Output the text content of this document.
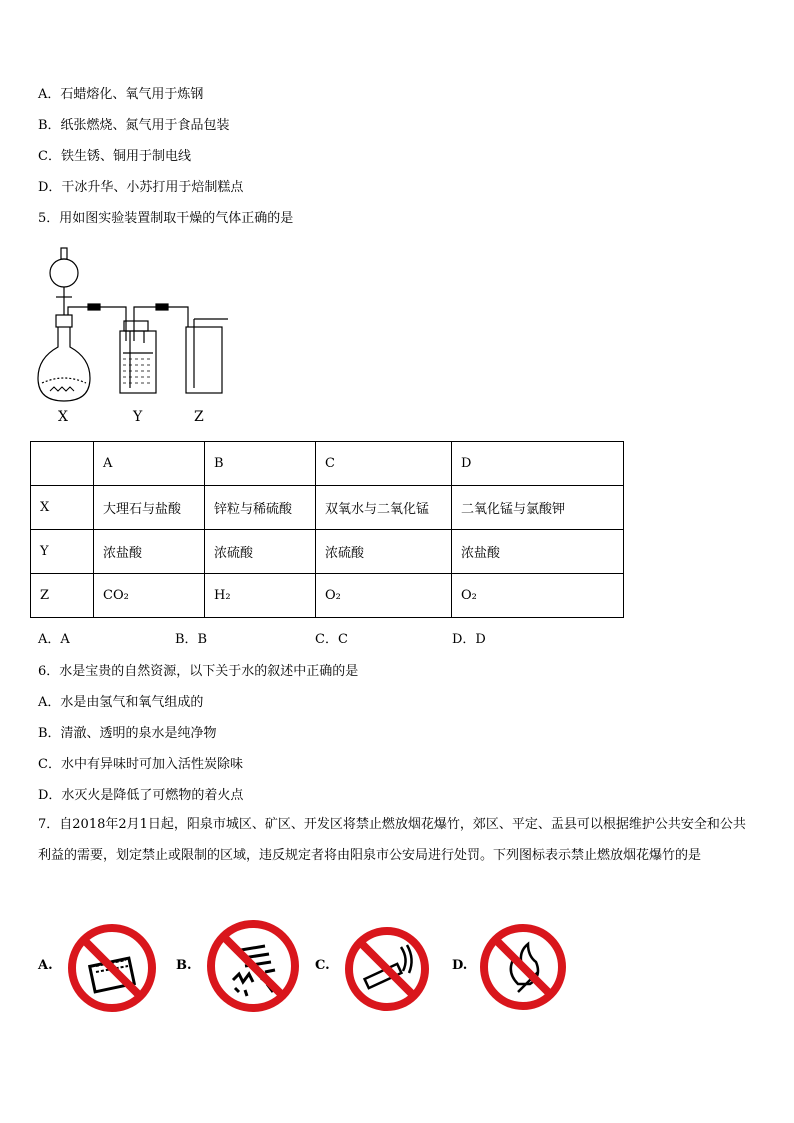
A．石蜡熔化、氧气用于炼钢
B．纸张燃烧、氮气用于食品包装
C．铁生锈、铜用于制电线
D．干冰升华、小苏打用于焙制糕点
5．用如图实验装置制取干燥的气体正确的是
X	Y	Z
	A	B	C	D
X	大理石与盐酸	锌粒与稀硫酸	双氧水与二氧化锰	二氧化锰与氯酸钾
Y	浓盐酸	浓硫酸	浓硫酸	浓盐酸
Z	CO₂	H₂	O₂	O₂
A．A	B．B	C．C	D．D
6．水是宝贵的自然资源，以下关于水的叙述中正确的是
A．水是由氢气和氧气组成的
B．清澈、透明的泉水是纯净物
C．水中有异味时可加入活性炭除味
D．水灭火是降低了可燃物的着火点
7．自2018年2月1日起，阳泉市城区、矿区、开发区将禁止燃放烟花爆竹，郊区、平定、盂县可以根据维护公共安全和公共利益的需要，划定禁止或限制的区域，违反规定者将由阳泉市公安局进行处罚。下列图标表示禁止燃放烟花爆竹的是
A.	B.	C.	D.
